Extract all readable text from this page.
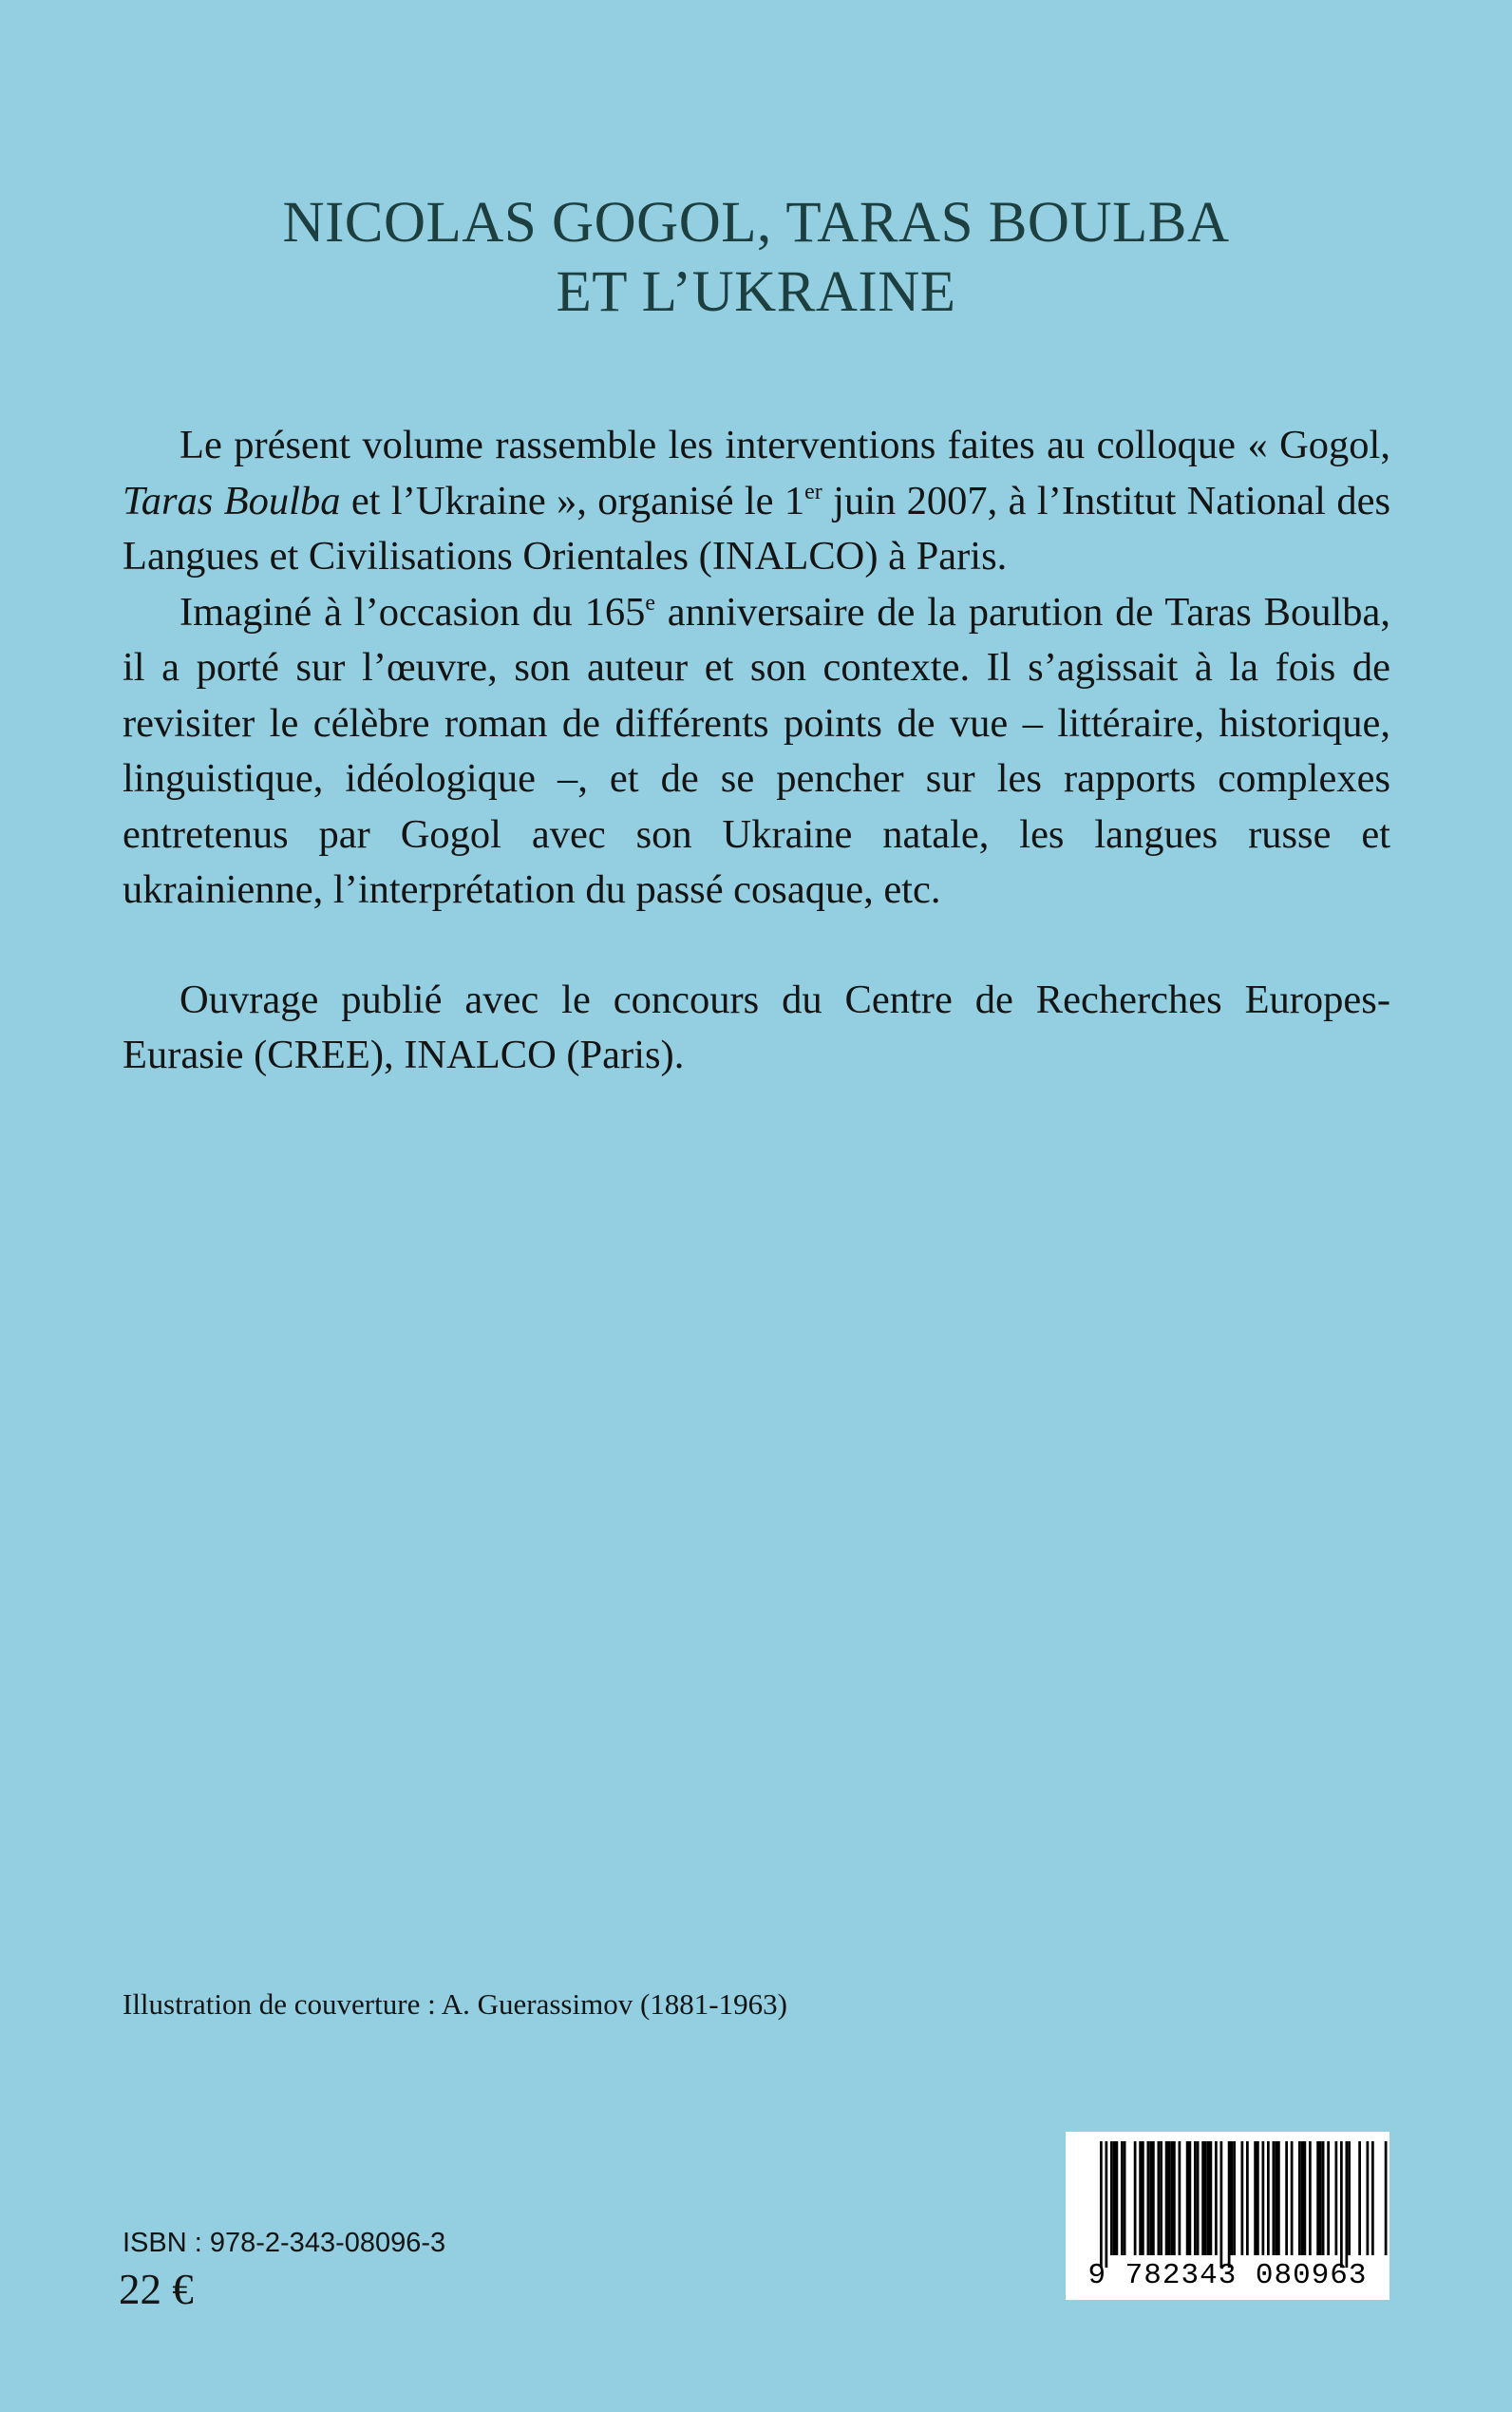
NICOLAS GOGOL, TARAS BOULBA
ET L’UKRAINE

Le présent volume rassemble les interventions faites au colloque « Gogol, Taras Boulba et l’Ukraine », organisé le 1er juin 2007, à l’Institut National des Langues et Civilisations Orientales (INALCO) à Paris.

Imaginé à l’occasion du 165e anniversaire de la parution de Taras Boulba, il a porté sur l’œuvre, son auteur et son contexte. Il s’agissait à la fois de revisiter le célèbre roman de différents points de vue – littéraire, historique, linguistique, idéologique –, et de se pencher sur les rapports complexes entretenus par Gogol avec son Ukraine natale, les langues russe et ukrainienne, l’interprétation du passé cosaque, etc.

Ouvrage publié avec le concours du Centre de Recherches Europes-Eurasie (CREE), INALCO (Paris).

Illustration de couverture : A. Guerassimov (1881-1963)
9 782343 080963
ISBN : 978-2-343-08096-3
22 €
